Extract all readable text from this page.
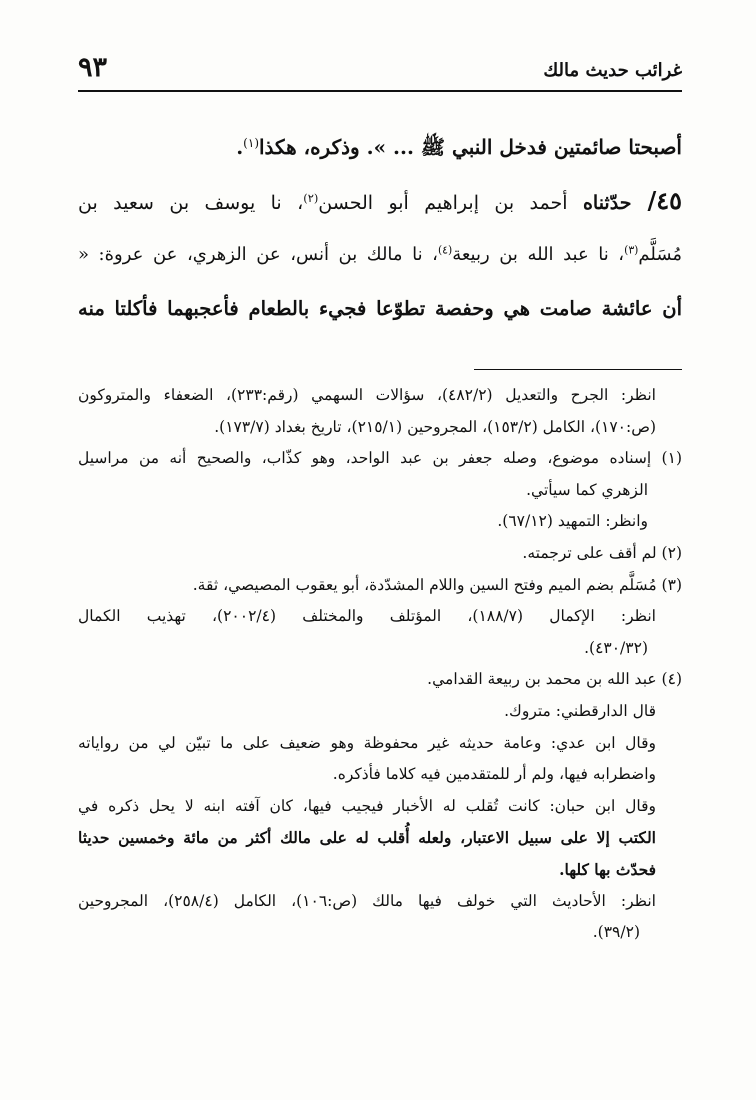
غرائب حديث مالك
٩٣
أصبحتا صائمتين فدخل النبي ﷺ ... ». وذكره، هكذا$^{(١)}$.
٤٥/ حدّثناه أحمد بن إبراهيم أبو الحسن$^{(٢)}$، نا يوسف بن سعيد بن
مُسَلَّم$^{(٣)}$، نا عبد الله بن ربيعة$^{(٤)}$، نا مالك بن أنس، عن الزهري، عن عروة: «
أن عائشة صامت هي وحفصة تطوّعا فجيء بالطعام فأعجبهما فأكلتا منه
انظر: الجرح والتعديل (٤٨٢/٢)، سؤالات السهمي (رقم:٢٣٣)، الضعفاء والمتروكون
(ص:١٧٠)، الكامل (١٥٣/٢)، المجروحين (٢١٥/١)، تاريخ بغداد (١٧٣/٧).
(١) إسناده موضوع، وصله جعفر بن عبد الواحد، وهو كذّاب، والصحيح أنه من مراسيل
الزهري كما سيأتي.
وانظر: التمهيد (٦٧/١٢).
(٢) لم أقف على ترجمته.
(٣) مُسَلَّم بضم الميم وفتح السين واللام المشدّدة، أبو يعقوب المصيصي، ثقة.
انظر: الإكمال (١٨٨/٧)، المؤتلف والمختلف (٢٠٠٢/٤)، تهذيب الكمال
(٤٣٠/٣٢).
(٤) عبد الله بن محمد بن ربيعة القدامي.
قال الدارقطني: متروك.
وقال ابن عدي: وعامة حديثه غير محفوظة وهو ضعيف على ما تبيّن لي من رواياته
واضطرابه فيها، ولم أر للمتقدمين فيه كلاما فأذكره.
وقال ابن حبان: كانت تُقلب له الأخبار فيجيب فيها، كان آفته ابنه لا يحل ذكره في
الكتب إلا على سبيل الاعتبار، ولعله أُقلب له على مالك أكثر من مائة وخمسين حديثا
فحدّث بها كلها.
انظر: الأحاديث التي خولف فيها مالك (ص:١٠٦)، الكامل (٢٥٨/٤)، المجروحين
(٣٩/٢).
